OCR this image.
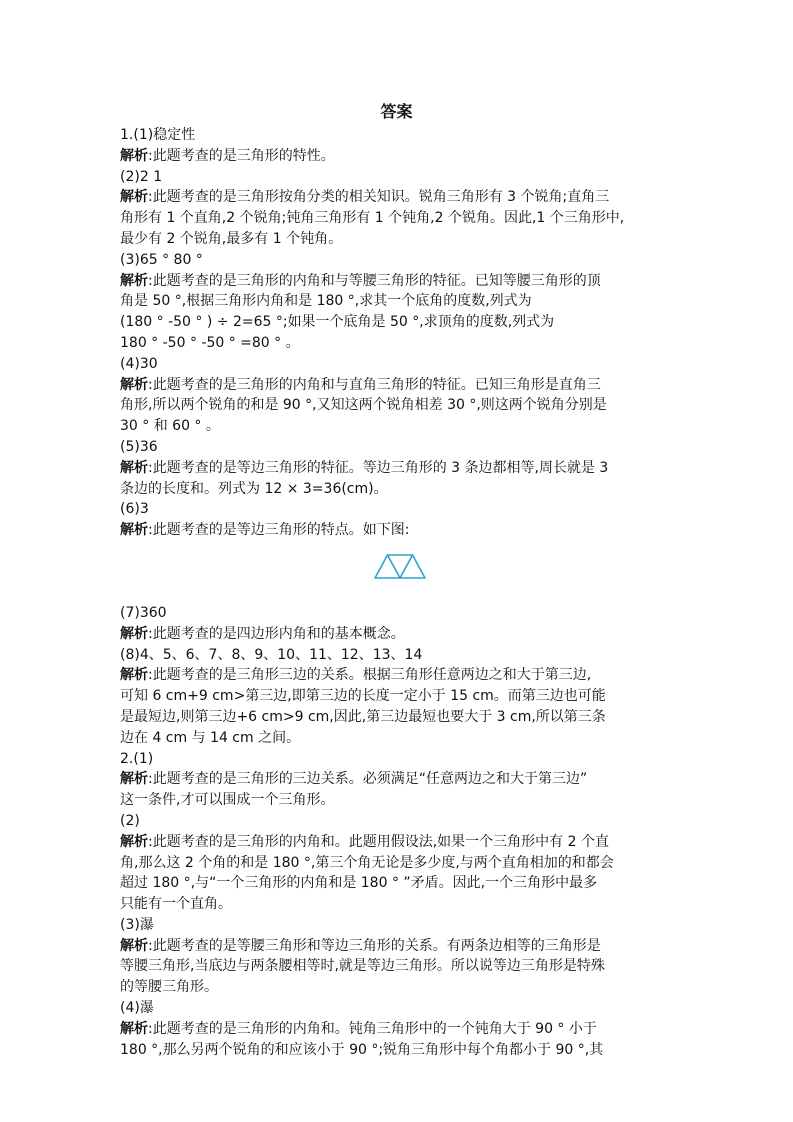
答案
1.(1)稳定性
解析:此题考查的是三角形的特性。
(2)2 1
解析:此题考查的是三角形按角分类的相关知识。锐角三角形有 3 个锐角;直角三
角形有 1 个直角,2 个锐角;钝角三角形有 1 个钝角,2 个锐角。因此,1 个三角形中,
最少有 2 个锐角,最多有 1 个钝角。
(3)65 ° 80 °
解析:此题考查的是三角形的内角和与等腰三角形的特征。已知等腰三角形的顶
角是 50 °,根据三角形内角和是 180 °,求其一个底角的度数,列式为
(180 ° -50 ° ) ÷ 2=65 °;如果一个底角是 50 °,求顶角的度数,列式为
180 ° -50 ° -50 ° =80 ° 。
(4)30
解析:此题考查的是三角形的内角和与直角三角形的特征。已知三角形是直角三
角形,所以两个锐角的和是 90 °,又知这两个锐角相差 30 °,则这两个锐角分别是
30 ° 和 60 ° 。
(5)36
解析:此题考查的是等边三角形的特征。等边三角形的 3 条边都相等,周长就是 3
条边的长度和。列式为 12 × 3=36(cm)。
(6)3
解析:此题考查的是等边三角形的特点。如下图:
(7)360
解析:此题考查的是四边形内角和的基本概念。
(8)4、5、6、7、8、9、10、11、12、13、14
解析:此题考查的是三角形三边的关系。根据三角形任意两边之和大于第三边,
可知 6 cm+9 cm>第三边,即第三边的长度一定小于 15 cm。而第三边也可能
是最短边,则第三边+6 cm>9 cm,因此,第三边最短也要大于 3 cm,所以第三条
边在 4 cm 与 14 cm 之间。
2.(1)
解析:此题考查的是三角形的三边关系。必须满足“任意两边之和大于第三边”
这一条件,才可以围成一个三角形。
(2)
解析:此题考查的是三角形的内角和。此题用假设法,如果一个三角形中有 2 个直
角,那么这 2 个角的和是 180 °,第三个角无论是多少度,与两个直角相加的和都会
超过 180 °,与“一个三角形的内角和是 180 ° ”矛盾。因此,一个三角形中最多
只能有一个直角。
(3)瀑
解析:此题考查的是等腰三角形和等边三角形的关系。有两条边相等的三角形是
等腰三角形,当底边与两条腰相等时,就是等边三角形。所以说等边三角形是特殊
的等腰三角形。
(4)瀑
解析:此题考查的是三角形的内角和。钝角三角形中的一个钝角大于 90 ° 小于
180 °,那么另两个锐角的和应该小于 90 °;锐角三角形中每个角都小于 90 °,其
